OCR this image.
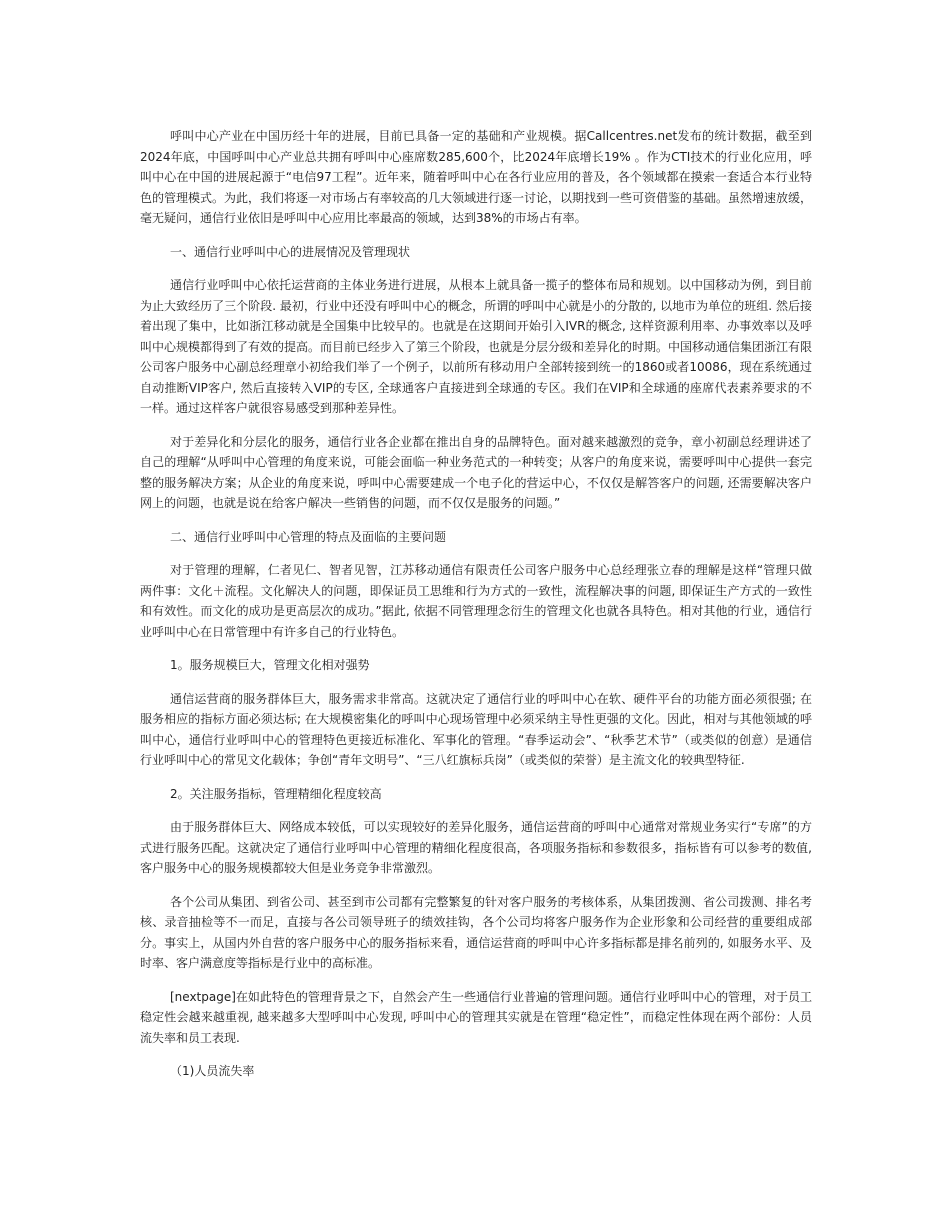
呼叫中心产业在中国历经十年的进展，目前已具备一定的基础和产业规模。据Callcentres.net发布的统计数据，截至到2024年底，中国呼叫中心产业总共拥有呼叫中心座席数285,600个，比2024年底增长19% 。作为CTI技术的行业化应用，呼叫中心在中国的进展起源于“电信97工程”。近年来，随着呼叫中心在各行业应用的普及，各个领域都在摸索一套适合本行业特色的管理模式。为此，我们将逐一对市场占有率较高的几大领域进行逐一讨论，以期找到一些可资借鉴的基础。虽然增速放缓，毫无疑问，通信行业依旧是呼叫中心应用比率最高的领域，达到38%的市场占有率。

一、通信行业呼叫中心的进展情况及管理现状

通信行业呼叫中心依托运营商的主体业务进行进展，从根本上就具备一揽子的整体布局和规划。以中国移动为例，到目前为止大致经历了三个阶段. 最初，行业中还没有呼叫中心的概念，所谓的呼叫中心就是小的分散的, 以地市为单位的班组. 然后接着出现了集中，比如浙江移动就是全国集中比较早的。也就是在这期间开始引入IVR的概念, 这样资源利用率、办事效率以及呼叫中心规模都得到了有效的提高。而目前已经步入了第三个阶段，也就是分层分级和差异化的时期。中国移动通信集团浙江有限公司客户服务中心副总经理章小初给我们举了一个例子，以前所有移动用户全部转接到统一的1860或者10086，现在系统通过自动推断VIP客户, 然后直接转入VIP的专区, 全球通客户直接进到全球通的专区。我们在VIP和全球通的座席代表素养要求的不一样。通过这样客户就很容易感受到那种差异性。

对于差异化和分层化的服务，通信行业各企业都在推出自身的品牌特色。面对越来越激烈的竞争，章小初副总经理讲述了自己的理解“从呼叫中心管理的角度来说，可能会面临一种业务范式的一种转变；从客户的角度来说，需要呼叫中心提供一套完整的服务解决方案；从企业的角度来说，呼叫中心需要建成一个电子化的营运中心，不仅仅是解答客户的问题, 还需要解决客户网上的问题，也就是说在给客户解决一些销售的问题，而不仅仅是服务的问题。”

二、通信行业呼叫中心管理的特点及面临的主要问题

对于管理的理解，仁者见仁、智者见智，江苏移动通信有限责任公司客户服务中心总经理张立春的理解是这样“管理只做两件事：文化＋流程。文化解决人的问题，即保证员工思维和行为方式的一致性，流程解决事的问题, 即保证生产方式的一致性和有效性。而文化的成功是更高层次的成功。”据此, 依据不同管理理念衍生的管理文化也就各具特色。相对其他的行业，通信行业呼叫中心在日常管理中有许多自己的行业特色。

1。服务规模巨大，管理文化相对强势

通信运营商的服务群体巨大，服务需求非常高。这就决定了通信行业的呼叫中心在软、硬件平台的功能方面必须很强; 在服务相应的指标方面必须达标; 在大规模密集化的呼叫中心现场管理中必须采纳主导性更强的文化。因此，相对与其他领域的呼叫中心，通信行业呼叫中心的管理特色更接近标准化、军事化的管理。“春季运动会”、“秋季艺术节”（或类似的创意）是通信行业呼叫中心的常见文化载体；争创“青年文明号”、“三八红旗标兵岗”（或类似的荣誉）是主流文化的较典型特征.

2。关注服务指标，管理精细化程度较高

由于服务群体巨大、网络成本较低，可以实现较好的差异化服务，通信运营商的呼叫中心通常对常规业务实行“专席”的方式进行服务匹配。这就决定了通信行业呼叫中心管理的精细化程度很高，各项服务指标和参数很多，指标皆有可以参考的数值, 客户服务中心的服务规模都较大但是业务竞争非常激烈。

各个公司从集团、到省公司、甚至到市公司都有完整繁复的针对客户服务的考核体系，从集团拨测、省公司拨测、排名考核、录音抽检等不一而足，直接与各公司领导班子的绩效挂钩，各个公司均将客户服务作为企业形象和公司经营的重要组成部分。事实上，从国内外自营的客户服务中心的服务指标来看，通信运营商的呼叫中心许多指标都是排名前列的, 如服务水平、及时率、客户满意度等指标是行业中的高标准。

[nextpage]在如此特色的管理背景之下，自然会产生一些通信行业普遍的管理问题。通信行业呼叫中心的管理，对于员工稳定性会越来越重视, 越来越多大型呼叫中心发现, 呼叫中心的管理其实就是在管理“稳定性”，而稳定性体现在两个部份：人员流失率和员工表现.

（1)人员流失率
